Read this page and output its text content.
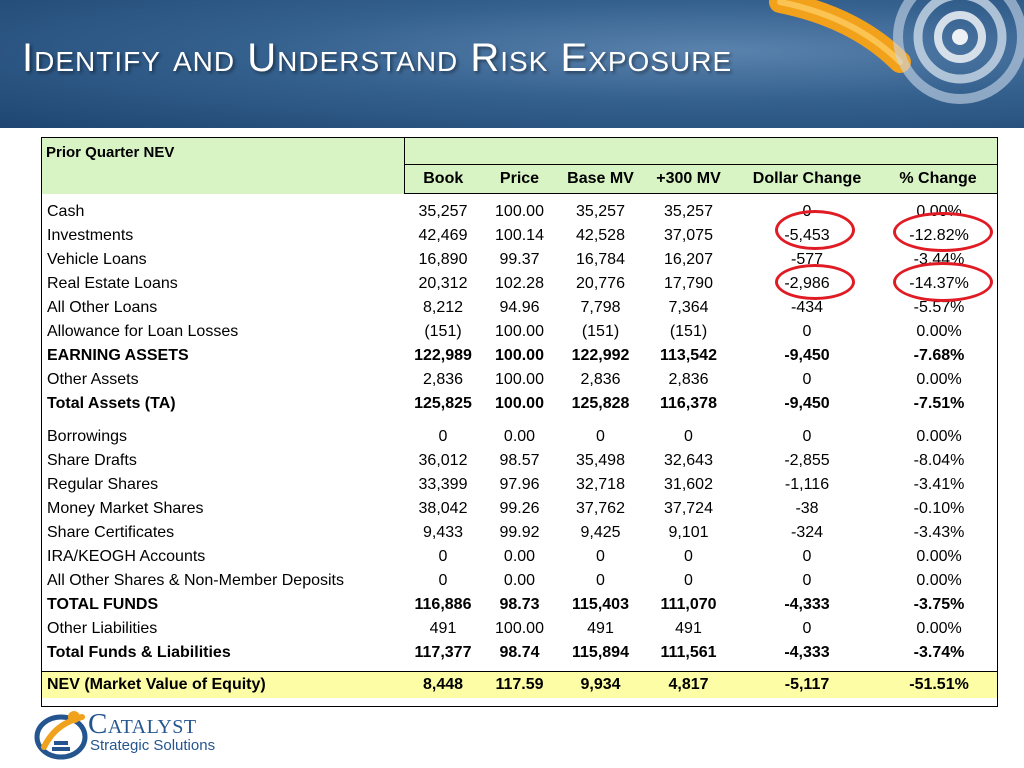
Identify and Understand Risk Exposure
Prior Quarter NEV						
	Book	Price	Base MV	+300 MV	Dollar Change	% Change

Cash	35,257	100.00	35,257	35,257	0	0.00%
Investments	42,469	100.14	42,528	37,075	-5,453	-12.82%
Vehicle Loans	16,890	99.37	16,784	16,207	-577	-3.44%
Real Estate Loans	20,312	102.28	20,776	17,790	-2,986	-14.37%
All Other Loans	8,212	94.96	7,798	7,364	-434	-5.57%
Allowance for Loan Losses	(151)	100.00	(151)	(151)	0	0.00%
EARNING ASSETS	122,989	100.00	122,992	113,542	-9,450	-7.68%
Other Assets	2,836	100.00	2,836	2,836	0	0.00%
Total Assets (TA)	125,825	100.00	125,828	116,378	-9,450	-7.51%

Borrowings	0	0.00	0	0	0	0.00%
Share Drafts	36,012	98.57	35,498	32,643	-2,855	-8.04%
Regular Shares	33,399	97.96	32,718	31,602	-1,116	-3.41%
Money Market Shares	38,042	99.26	37,762	37,724	-38	-0.10%
Share Certificates	9,433	99.92	9,425	9,101	-324	-3.43%
IRA/KEOGH Accounts	0	0.00	0	0	0	0.00%
All Other Shares & Non-Member Deposits	0	0.00	0	0	0	0.00%
TOTAL FUNDS	116,886	98.73	115,403	111,070	-4,333	-3.75%
Other Liabilities	491	100.00	491	491	0	0.00%
Total Funds & Liabilities	117,377	98.74	115,894	111,561	-4,333	-3.74%

NEV (Market Value of Equity)	8,448	117.59	9,934	4,817	-5,117	-51.51%
Catalyst
Strategic Solutions
